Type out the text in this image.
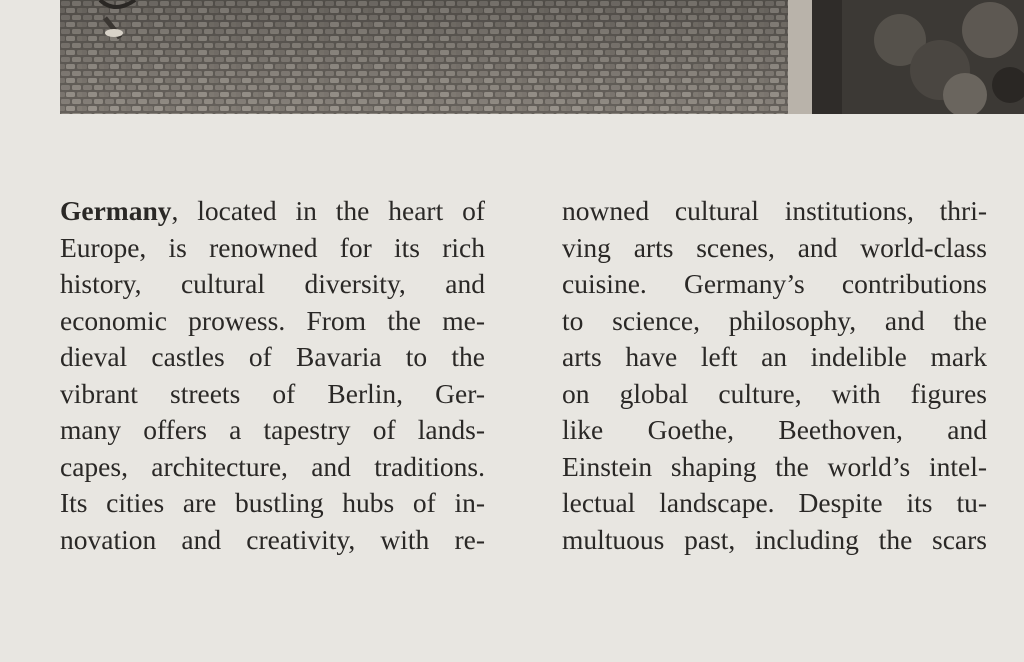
Germany, located in the heart of
Europe, is renowned for its rich
history, cultural diversity, and
economic prowess. From the me-
dieval castles of Bavaria to the
vibrant streets of Berlin, Ger-
many offers a tapestry of lands-
capes, architecture, and traditions.
Its cities are bustling hubs of in-
novation and creativity, with re-
nowned cultural institutions, thri-
ving arts scenes, and world-class
cuisine. Germany’s contributions
to science, philosophy, and the
arts have left an indelible mark
on global culture, with figures
like Goethe, Beethoven, and
Einstein shaping the world’s intel-
lectual landscape. Despite its tu-
multuous past, including the scars
